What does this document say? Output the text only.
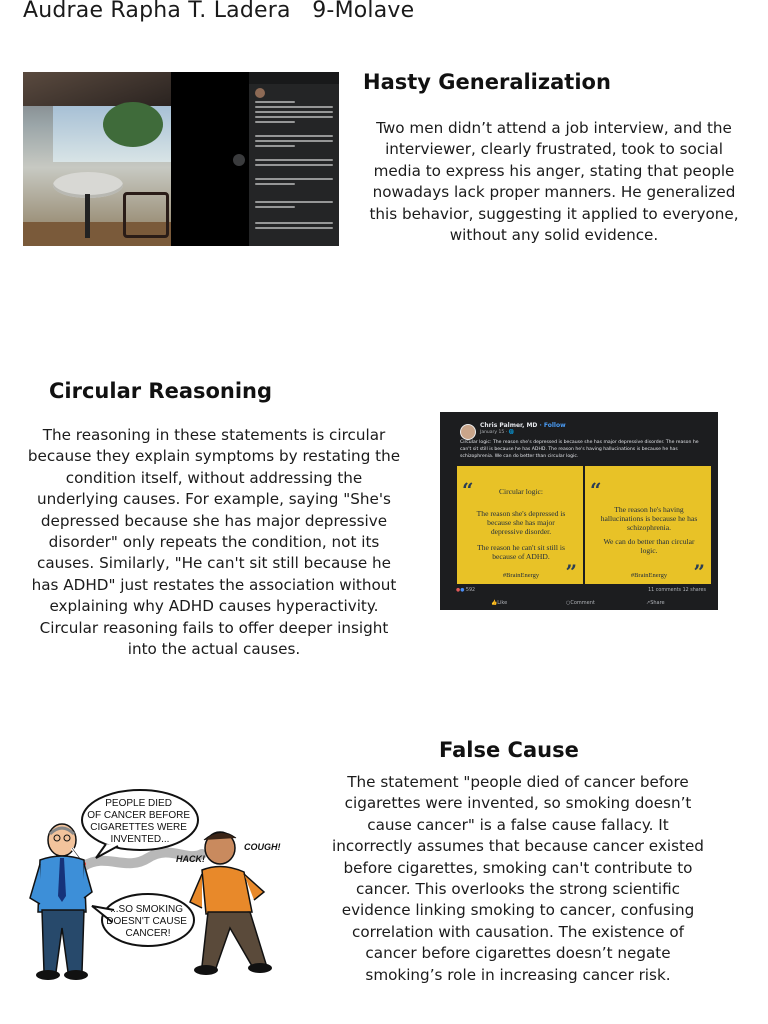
Audrae Rapha T. Ladera   9-Molave
Hasty Generalization
Two men didn’t attend a job interview, and the interviewer, clearly frustrated, took to social media to express his anger, stating that people nowadays lack proper manners. He generalized this behavior, suggesting it applied to everyone, without any solid evidence.
Circular Reasoning
The reasoning in these statements is circular because they explain symptoms by restating the condition itself, without addressing the underlying causes. For example, saying "She's depressed because she has major depressive disorder" only repeats the condition, not its causes. Similarly, "He can't sit still because he has ADHD" just restates the association without explaining why ADHD causes hyperactivity. Circular reasoning fails to offer deeper insight into the actual causes.
Chris Palmer, MD · Follow
January 15 · 🌐
Circular logic: The reason she's depressed is because she has major depressive disorder. The reason he can't sit still is because he has ADHD. The reason he's having hallucinations is because he has schizophrenia. We can do better than circular logic.
“	Circular logic:
The reason she's depressed is because she has major depressive disorder.
The reason he can't sit still is because of ADHD.
#BrainEnergy	”
“
The reason he's having hallucinations is because he has schizophrenia.
We can do better than circular logic.
#BrainEnergy	”
●● 592	11 comments 12 shares
👍 Like	○ Comment	↗ Share
False Cause
The statement "people died of cancer before cigarettes were invented, so smoking doesn’t cause cancer" is a false cause fallacy. It incorrectly assumes that because cancer existed before cigarettes, smoking can't contribute to cancer. This overlooks the strong scientific evidence linking smoking to cancer, confusing correlation with causation. The existence of cancer before cigarettes doesn’t negate smoking’s role in increasing cancer risk.
PEOPLE DIED OF CANCER BEFORE CIGARETTES WERE INVENTED...
...SO SMOKING DOESN'T CAUSE CANCER!
HACK!
COUGH!
